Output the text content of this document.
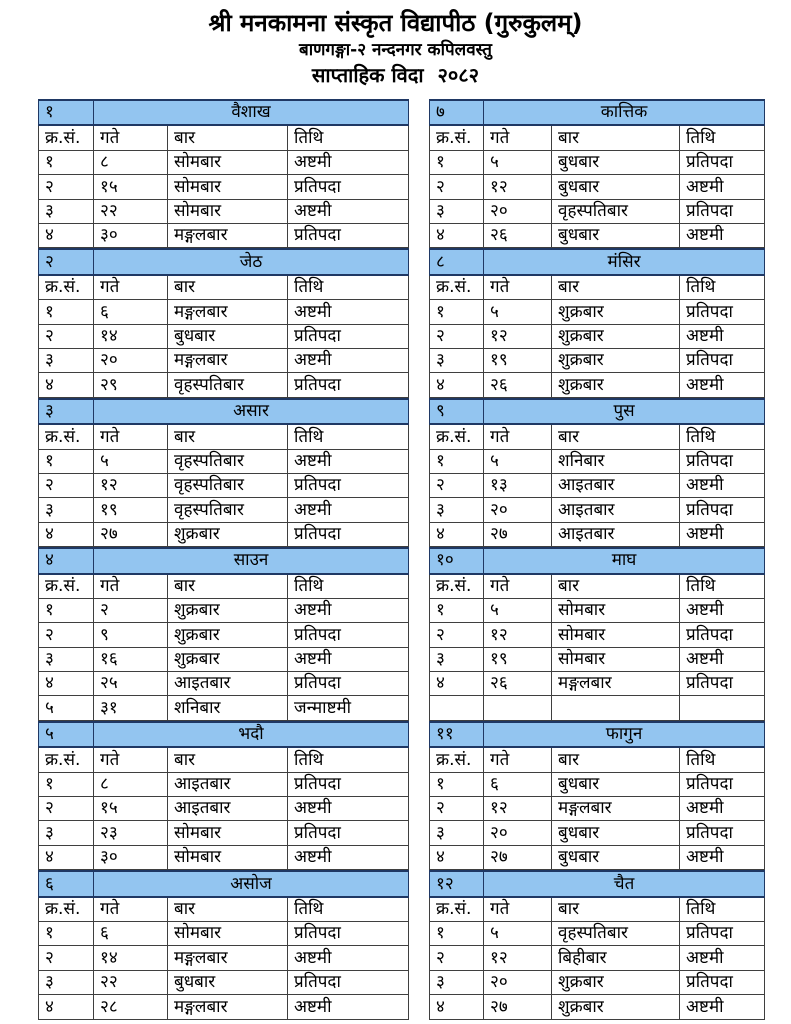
श्री मनकामना संस्कृत विद्यापीठ (गुरुकुलम्)
बाणगङ्गा-२ नन्दनगर कपिलवस्तु
साप्ताहिक विदा  २०८२
१	वैशाख		
क्र.सं.	गते	बार	तिथि
१	८	सोमबार	अष्टमी
२	१५	सोमबार	प्रतिपदा
३	२२	सोमबार	अष्टमी
४	३०	मङ्गलबार	प्रतिपदा
२	जेठ		
क्र.सं.	गते	बार	तिथि
१	६	मङ्गलबार	अष्टमी
२	१४	बुधबार	प्रतिपदा
३	२०	मङ्गलबार	अष्टमी
४	२९	वृहस्पतिबार	प्रतिपदा
३	असार		
क्र.सं.	गते	बार	तिथि
१	५	वृहस्पतिबार	अष्टमी
२	१२	वृहस्पतिबार	प्रतिपदा
३	१९	वृहस्पतिबार	अष्टमी
४	२७	शुक्रबार	प्रतिपदा
४	साउन		
क्र.सं.	गते	बार	तिथि
१	२	शुक्रबार	अष्टमी
२	९	शुक्रबार	प्रतिपदा
३	१६	शुक्रबार	अष्टमी
४	२५	आइतबार	प्रतिपदा
५	३१	शनिबार	जन्माष्टमी
५	भदौ		
क्र.सं.	गते	बार	तिथि
१	८	आइतबार	प्रतिपदा
२	१५	आइतबार	अष्टमी
३	२३	सोमबार	प्रतिपदा
४	३०	सोमबार	अष्टमी
६	असोज		
क्र.सं.	गते	बार	तिथि
१	६	सोमबार	प्रतिपदा
२	१४	मङ्गलबार	अष्टमी
३	२२	बुधबार	प्रतिपदा
४	२८	मङ्गलबार	अष्टमी
७	कात्तिक		
क्र.सं.	गते	बार	तिथि
१	५	बुधबार	प्रतिपदा
२	१२	बुधबार	अष्टमी
३	२०	वृहस्पतिबार	प्रतिपदा
४	२६	बुधबार	अष्टमी
८	मंसिर		
क्र.सं.	गते	बार	तिथि
१	५	शुक्रबार	प्रतिपदा
२	१२	शुक्रबार	अष्टमी
३	१९	शुक्रबार	प्रतिपदा
४	२६	शुक्रबार	अष्टमी
९	पुस		
क्र.सं.	गते	बार	तिथि
१	५	शनिबार	प्रतिपदा
२	१३	आइतबार	अष्टमी
३	२०	आइतबार	प्रतिपदा
४	२७	आइतबार	अष्टमी
१०	माघ		
क्र.सं.	गते	बार	तिथि
१	५	सोमबार	अष्टमी
२	१२	सोमबार	प्रतिपदा
३	१९	सोमबार	अष्टमी
४	२६	मङ्गलबार	प्रतिपदा

११	फागुन		
क्र.सं.	गते	बार	तिथि
१	६	बुधबार	प्रतिपदा
२	१२	मङ्गलबार	अष्टमी
३	२०	बुधबार	प्रतिपदा
४	२७	बुधबार	अष्टमी
१२	चैत		
क्र.सं.	गते	बार	तिथि
१	५	वृहस्पतिबार	प्रतिपदा
२	१२	बिहीबार	अष्टमी
३	२०	शुक्रबार	प्रतिपदा
४	२७	शुक्रबार	अष्टमी
